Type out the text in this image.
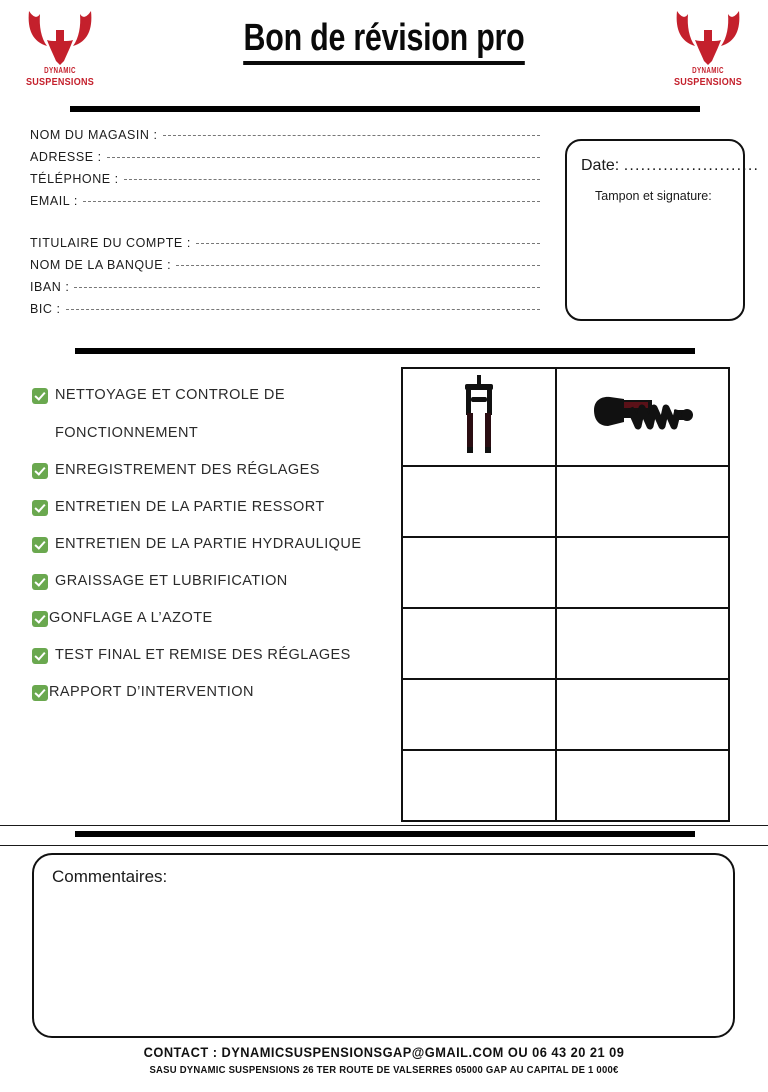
DYNAMIC
SUSPENSIONS
Bon de révision pro
DYNAMIC
SUSPENSIONS
NOM DU MAGASIN :
ADRESSE :
TÉLÉPHONE :
EMAIL :
TITULAIRE DU COMPTE :
NOM DE LA BANQUE :
IBAN :
BIC :
Date: ........................
Tampon et signature:
NETTOYAGE ET CONTROLE DE FONCTIONNEMENT
ENREGISTREMENT DES RÉGLAGES
ENTRETIEN DE LA PARTIE RESSORT
ENTRETIEN DE LA PARTIE HYDRAULIQUE
GRAISSAGE ET LUBRIFICATION
GONFLAGE A L’AZOTE
TEST FINAL ET REMISE DES RÉGLAGES
RAPPORT D’INTERVENTION

Commentaires:
CONTACT : DYNAMICSUSPENSIONSGAP@GMAIL.COM OU 06 43 20 21 09
SASU DYNAMIC SUSPENSIONS 26 TER ROUTE DE VALSERRES 05000 GAP AU CAPITAL DE 1 000€
